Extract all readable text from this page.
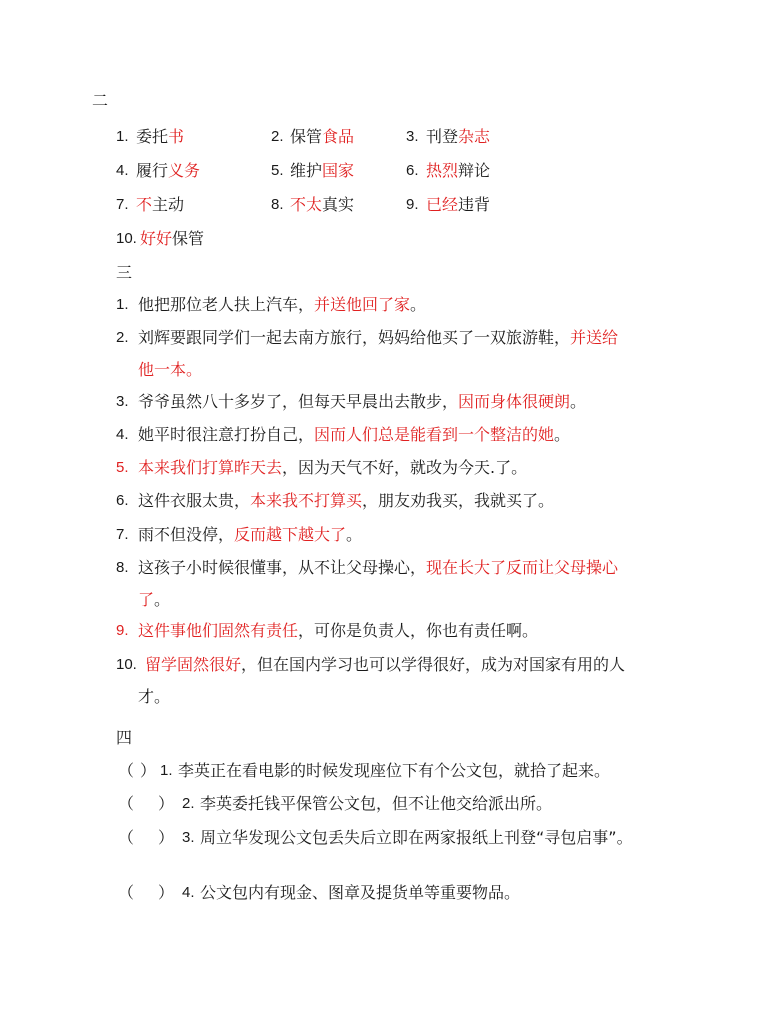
二
1. 委托书	2. 保管食品	3. 刊登杂志
4. 履行义务	5. 维护国家	6. 热烈辩论
7. 不主动	8. 不太真实	9. 已经违背
10. 好好保管
三
1. 他把那位老人扶上汽车，并送他回了家。
2. 刘辉要跟同学们一起去南方旅行，妈妈给他买了一双旅游鞋，并送给
他一本。
3. 爷爷虽然八十多岁了，但每天早晨出去散步，因而身体很硬朗。
4. 她平时很注意打扮自己，因而人们总是能看到一个整洁的她。
5. 本来我们打算昨天去，因为天气不好，就改为今天.了。
6. 这件衣服太贵，本来我不打算买，朋友劝我买，我就买了。
7. 雨不但没停，反而越下越大了。
8. 这孩子小时候很懂事，从不让父母操心，现在长大了反而让父母操心
了。
9. 这件事他们固然有责任，可你是负责人，你也有责任啊。
10. 留学固然很好，但在国内学习也可以学得很好，成为对国家有用的人
才。
四
（ ） 1. 李英正在看电影的时候发现座位下有个公文包，就拾了起来。
（ ） 2. 李英委托钱平保管公文包，但不让他交给派出所。
（ ） 3. 周立华发现公文包丢失后立即在两家报纸上刊登“寻包启事”。
（ ） 4. 公文包内有现金、图章及提货单等重要物品。
